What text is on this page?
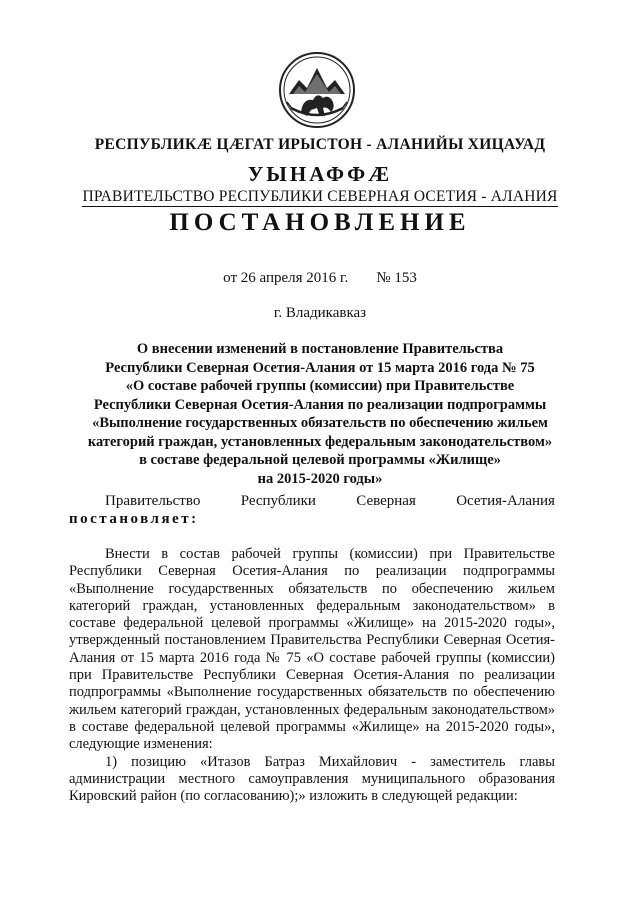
РЕСПУБЛИКӔ ЦӔГАТ ИРЫСТОН - АЛАНИЙЫ ХИЦАУАД
УЫНАФФӔ
ПРАВИТЕЛЬСТВО РЕСПУБЛИКИ СЕВЕРНАЯ ОСЕТИЯ - АЛАНИЯ
ПОСТАНОВЛЕНИЕ
от 26 апреля 2016 г. № 153
г. Владикавказ
О внесении изменений в постановление Правительства
Республики Северная Осетия-Алания от 15 марта 2016 года № 75
«О составе рабочей группы (комиссии) при Правительстве
Республики Северная Осетия-Алания по реализации подпрограммы
«Выполнение государственных обязательств по обеспечению жильем
категорий граждан, установленных федеральным законодательством»
в составе федеральной целевой программы «Жилище»
на 2015-2020 годы»
Правительство	Республики	Северная	Осетия-Алания
постановляет:

Внести в состав рабочей группы (комиссии) при Правительстве Республики Северная Осетия-Алания по реализации подпрограммы «Выполнение государственных обязательств по обеспечению жильем категорий граждан, установленных федеральным законодательством» в составе федеральной целевой программы «Жилище» на 2015-2020 годы», утвержденный постановлением Правительства Республики Северная Осетия-Алания от 15 марта 2016 года № 75 «О составе рабочей группы (комиссии) при Правительстве Республики Северная Осетия-Алания по реализации подпрограммы «Выполнение государственных обязательств по обеспечению жильем категорий граждан, установленных федеральным законодательством» в составе федеральной целевой программы «Жилище» на 2015-2020 годы», следующие изменения:

1) позицию «Итазов Батраз Михайлович - заместитель главы администрации местного самоуправления муниципального образования Кировский район (по согласованию);» изложить в следующей редакции:
